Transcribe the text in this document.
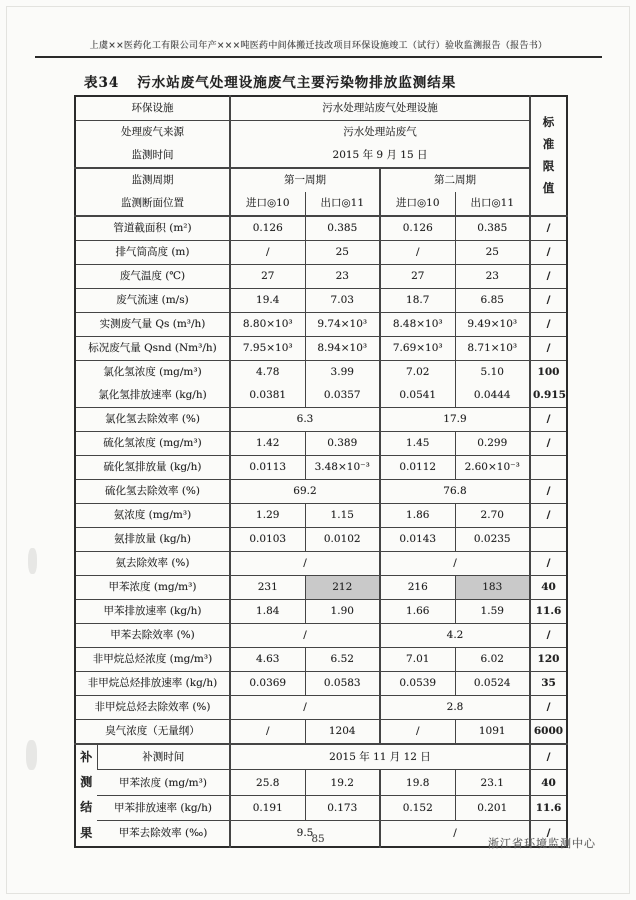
上虞××医药化工有限公司年产×××吨医药中间体搬迁技改项目环保设施竣工（试行）验收监测报告（报告书）
表34 污水站废气处理设施废气主要污染物排放监测结果
环保设施		污水处理站废气处理设施				标准限值
处理废气来源		污水处理站废气				
监测时间		2015 年 9 月 15 日				
监测周期		第一周期		第二周期		
监测断面位置		进口◎10	出口◎11	进口◎10	出口◎11	
管道截面积 (m²)		0.126	0.385	0.126	0.385	/
排气筒高度 (m)		/	25	/	25	/
废气温度 (℃)		27	23	27	23	/
废气流速 (m/s)		19.4	7.03	18.7	6.85	/
实测废气量 Qs (m³/h)		8.80×10³	9.74×10³	8.48×10³	9.49×10³	/
标况废气量 Qsnd (Nm³/h)		7.95×10³	8.94×10³	7.69×10³	8.71×10³	/
氯化氢浓度 (mg/m³)		4.78	3.99	7.02	5.10	100
氯化氢排放速率 (kg/h)		0.0381	0.0357	0.0541	0.0444	0.915
氯化氢去除效率 (%)		6.3		17.9		/
硫化氢浓度 (mg/m³)		1.42	0.389	1.45	0.299	/
硫化氢排放量 (kg/h)		0.0113	3.48×10⁻³	0.0112	2.60×10⁻³	
硫化氢去除效率 (%)		69.2		76.8		/
氨浓度 (mg/m³)		1.29	1.15	1.86	2.70	/
氨排放量 (kg/h)		0.0103	0.0102	0.0143	0.0235	
氨去除效率 (%)		/		/		/
甲苯浓度 (mg/m³)		231	212	216	183	40
甲苯排放速率 (kg/h)		1.84	1.90	1.66	1.59	11.6
甲苯去除效率 (%)		/		4.2		/
非甲烷总烃浓度 (mg/m³)		4.63	6.52	7.01	6.02	120
非甲烷总烃排放速率 (kg/h)		0.0369	0.0583	0.0539	0.0524	35
非甲烷总烃去除效率 (%)		/		2.8		/
臭气浓度（无量纲）		/	1204	/	1091	6000
补测结果	补测时间	2015 年 11 月 12 日				/
	甲苯浓度 (mg/m³)	25.8	19.2	19.8	23.1	40
	甲苯排放速率 (kg/h)	0.191	0.173	0.152	0.201	11.6
	甲苯去除效率 (‰)	9.5		/		/
85	浙江省环境监测中心
